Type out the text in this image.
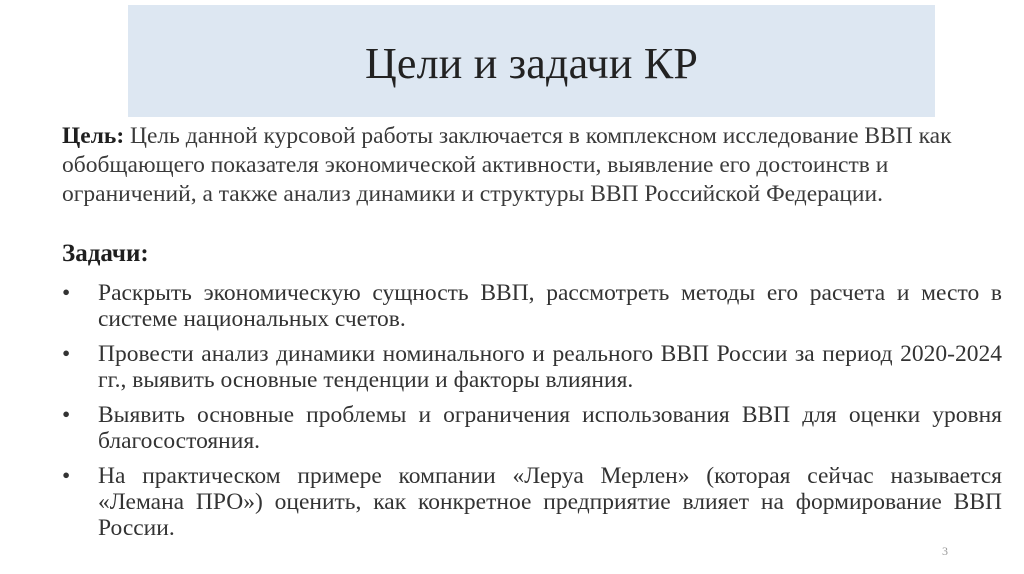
Цели и задачи КР
Цель: Цель данной курсовой работы заключается в комплексном исследование ВВП как обобщающего показателя экономической активности, выявление его достоинств и ограничений, а также анализ динамики и структуры ВВП Российской Федерации.
Задачи:
• Раскрыть экономическую сущность ВВП, рассмотреть методы его расчета и место в системе национальных счетов.
• Провести анализ динамики номинального и реального ВВП России за период 2020-2024 гг., выявить основные тенденции и факторы влияния.
• Выявить основные проблемы и ограничения использования ВВП для оценки уровня благосостояния.
• На практическом примере компании «Леруа Мерлен» (которая сейчас называется «Лемана ПРО») оценить, как конкретное предприятие влияет на формирование ВВП России.
3
